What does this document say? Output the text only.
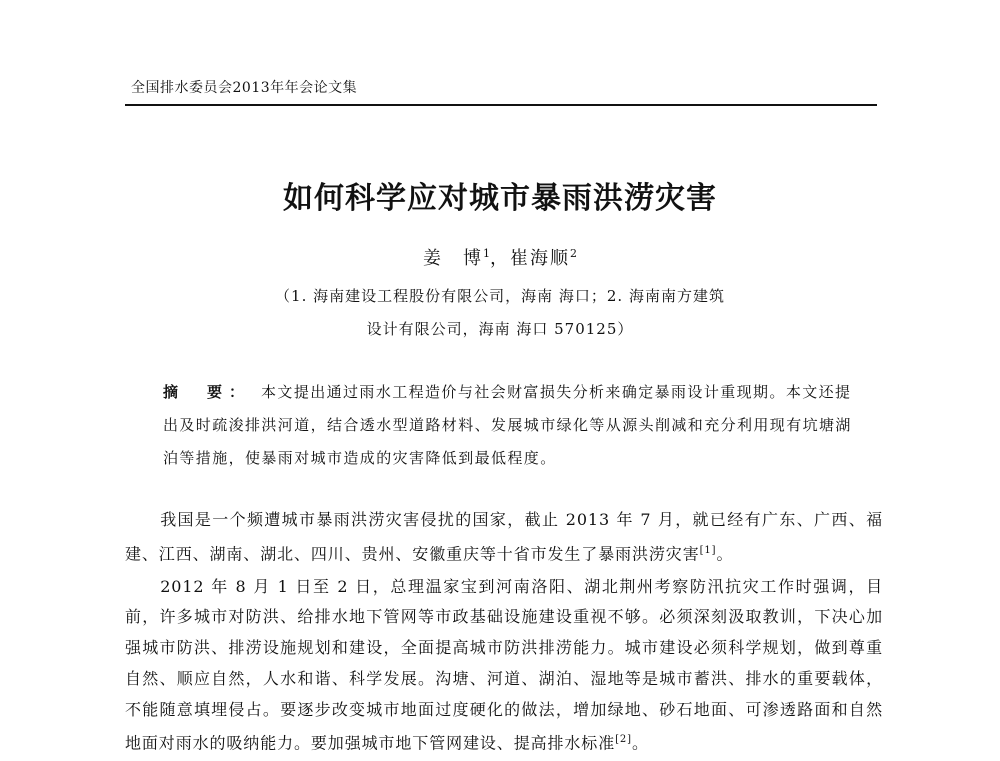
全国排水委员会2013年年会论文集
如何科学应对城市暴雨洪涝灾害
姜　博$^1$，崔海顺$^2$
（1. 海南建设工程股份有限公司，海南 海口；2. 海南南方建筑
设计有限公司，海南 海口 570125）
摘　要： 本文提出通过雨水工程造价与社会财富损失分析来确定暴雨设计重现期。本文还提出及时疏浚排洪河道，结合透水型道路材料、发展城市绿化等从源头削减和充分利用现有坑塘湖泊等措施，使暴雨对城市造成的灾害降低到最低程度。

我国是一个频遭城市暴雨洪涝灾害侵扰的国家，截止 2013 年 7 月，就已经有广东、广西、福建、江西、湖南、湖北、四川、贵州、安徽重庆等十省市发生了暴雨洪涝灾害[1]。

2012 年 8 月 1 日至 2 日，总理温家宝到河南洛阳、湖北荆州考察防汛抗灾工作时强调，目前，许多城市对防洪、给排水地下管网等市政基础设施建设重视不够。必须深刻汲取教训，下决心加强城市防洪、排涝设施规划和建设，全面提高城市防洪排涝能力。城市建设必须科学规划，做到尊重自然、顺应自然，人水和谐、科学发展。沟塘、河道、湖泊、湿地等是城市蓄洪、排水的重要载体，不能随意填埋侵占。要逐步改变城市地面过度硬化的做法，增加绿地、砂石地面、可渗透路面和自然地面对雨水的吸纳能力。要加强城市地下管网建设、提高排水标准[2]。
